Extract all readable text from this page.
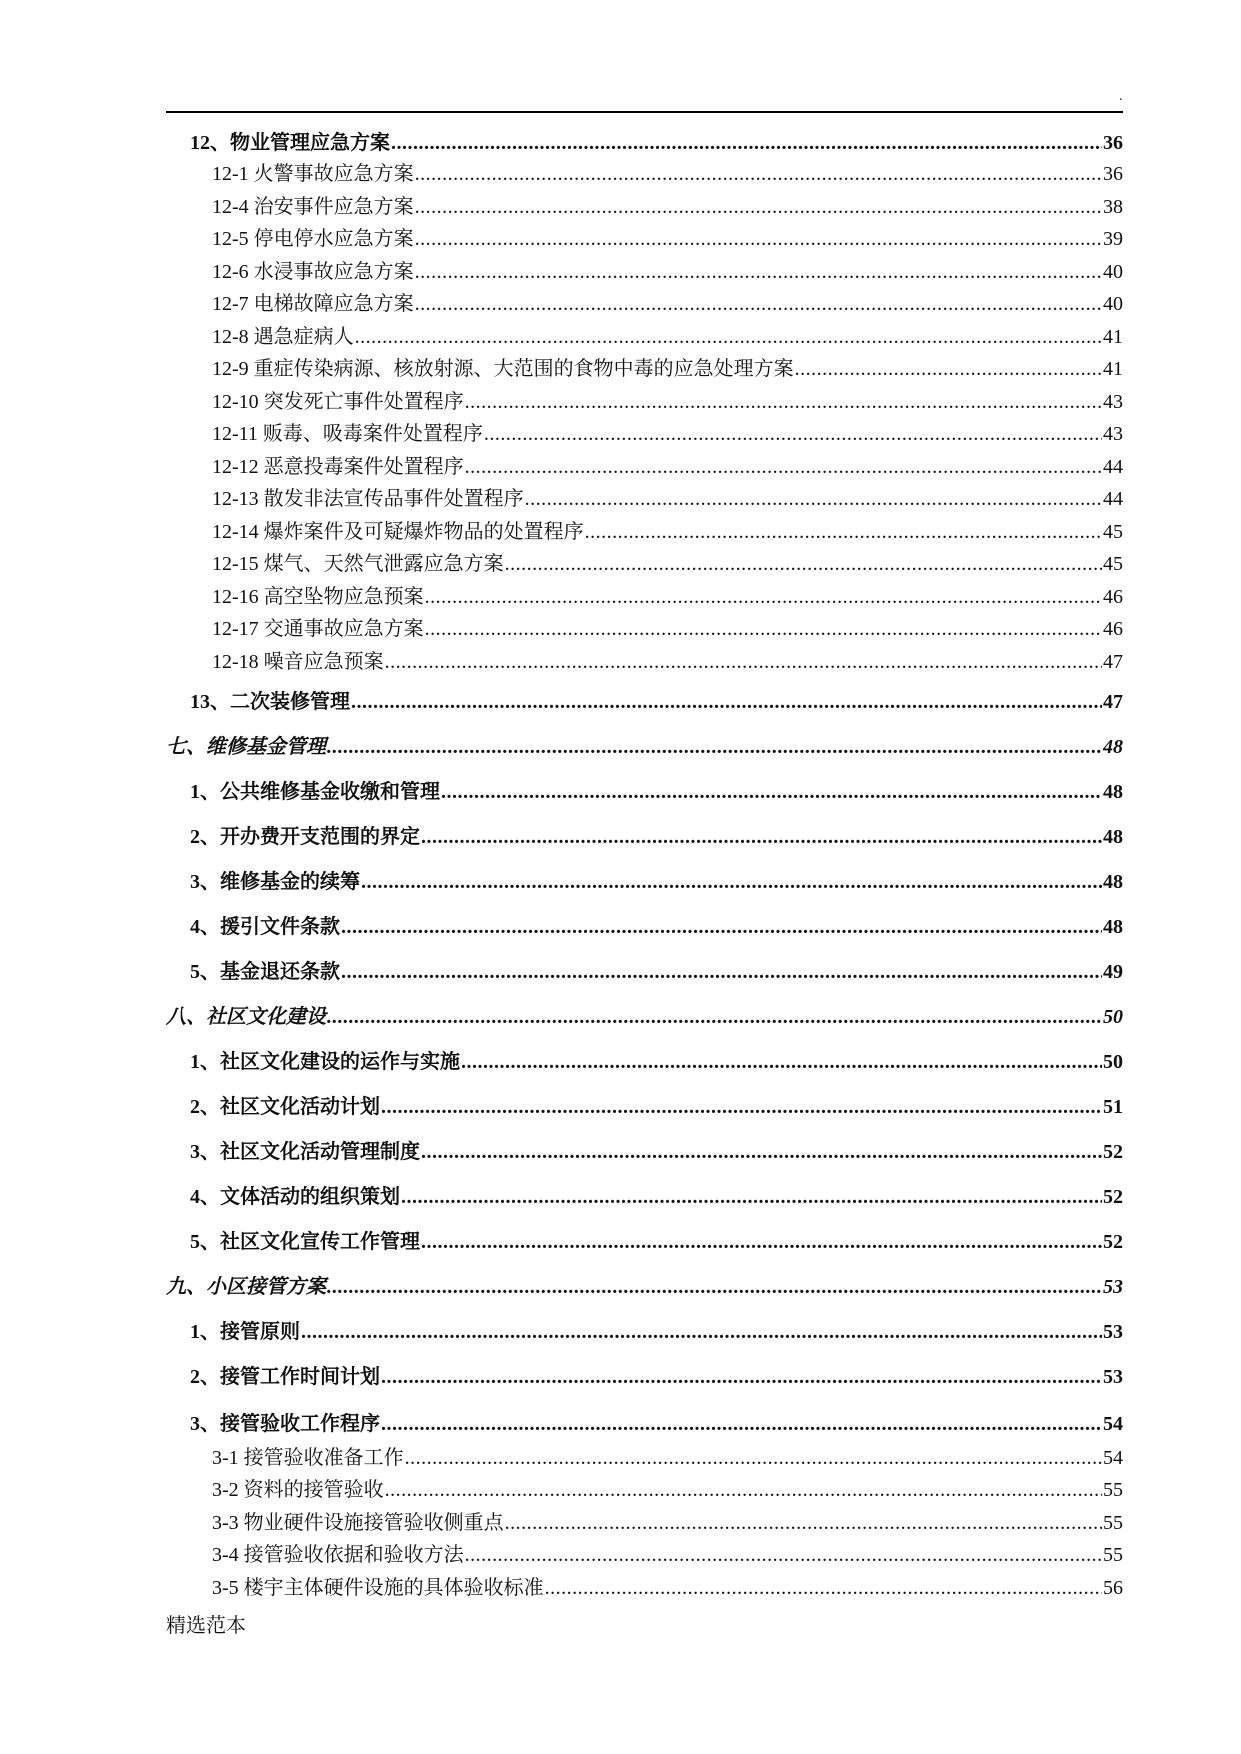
.
12、物业管理应急方案 .....	36
12-1 火警事故应急方案 .....	36
12-4 治安事件应急方案 .....	38
12-5 停电停水应急方案 .....	39
12-6 水浸事故应急方案 .....	40
12-7 电梯故障应急方案 .....	40
12-8 遇急症病人 .....	41
12-9 重症传染病源、核放射源、大范围的食物中毒的应急处理方案 .....	41
12-10 突发死亡事件处置程序 .....	43
12-11 贩毒、吸毒案件处置程序 .....	43
12-12 恶意投毒案件处置程序 .....	44
12-13 散发非法宣传品事件处置程序 .....	44
12-14 爆炸案件及可疑爆炸物品的处置程序 .....	45
12-15 煤气、天然气泄露应急方案 .....	45
12-16 高空坠物应急预案 .....	46
12-17 交通事故应急方案 .....	46
12-18 噪音应急预案 .....	47
13、二次装修管理 .....	47
七、维修基金管理 .....	48
1、公共维修基金收缴和管理 .....	48
2、开办费开支范围的界定 .....	48
3、维修基金的续筹 .....	48
4、援引文件条款 .....	48
5、基金退还条款 .....	49
八、社区文化建设 .....	50
1、社区文化建设的运作与实施 .....	50
2、社区文化活动计划 .....	51
3、社区文化活动管理制度 .....	52
4、文体活动的组织策划 .....	52
5、社区文化宣传工作管理 .....	52
九、小区接管方案 .....	53
1、接管原则 .....	53
2、接管工作时间计划 .....	53
3、接管验收工作程序 .....	54
3-1 接管验收准备工作 .....	54
3-2 资料的接管验收 .....	55
3-3 物业硬件设施接管验收侧重点 .....	55
3-4 接管验收依据和验收方法 .....	55
3-5 楼宇主体硬件设施的具体验收标准 .....	56
精选范本
